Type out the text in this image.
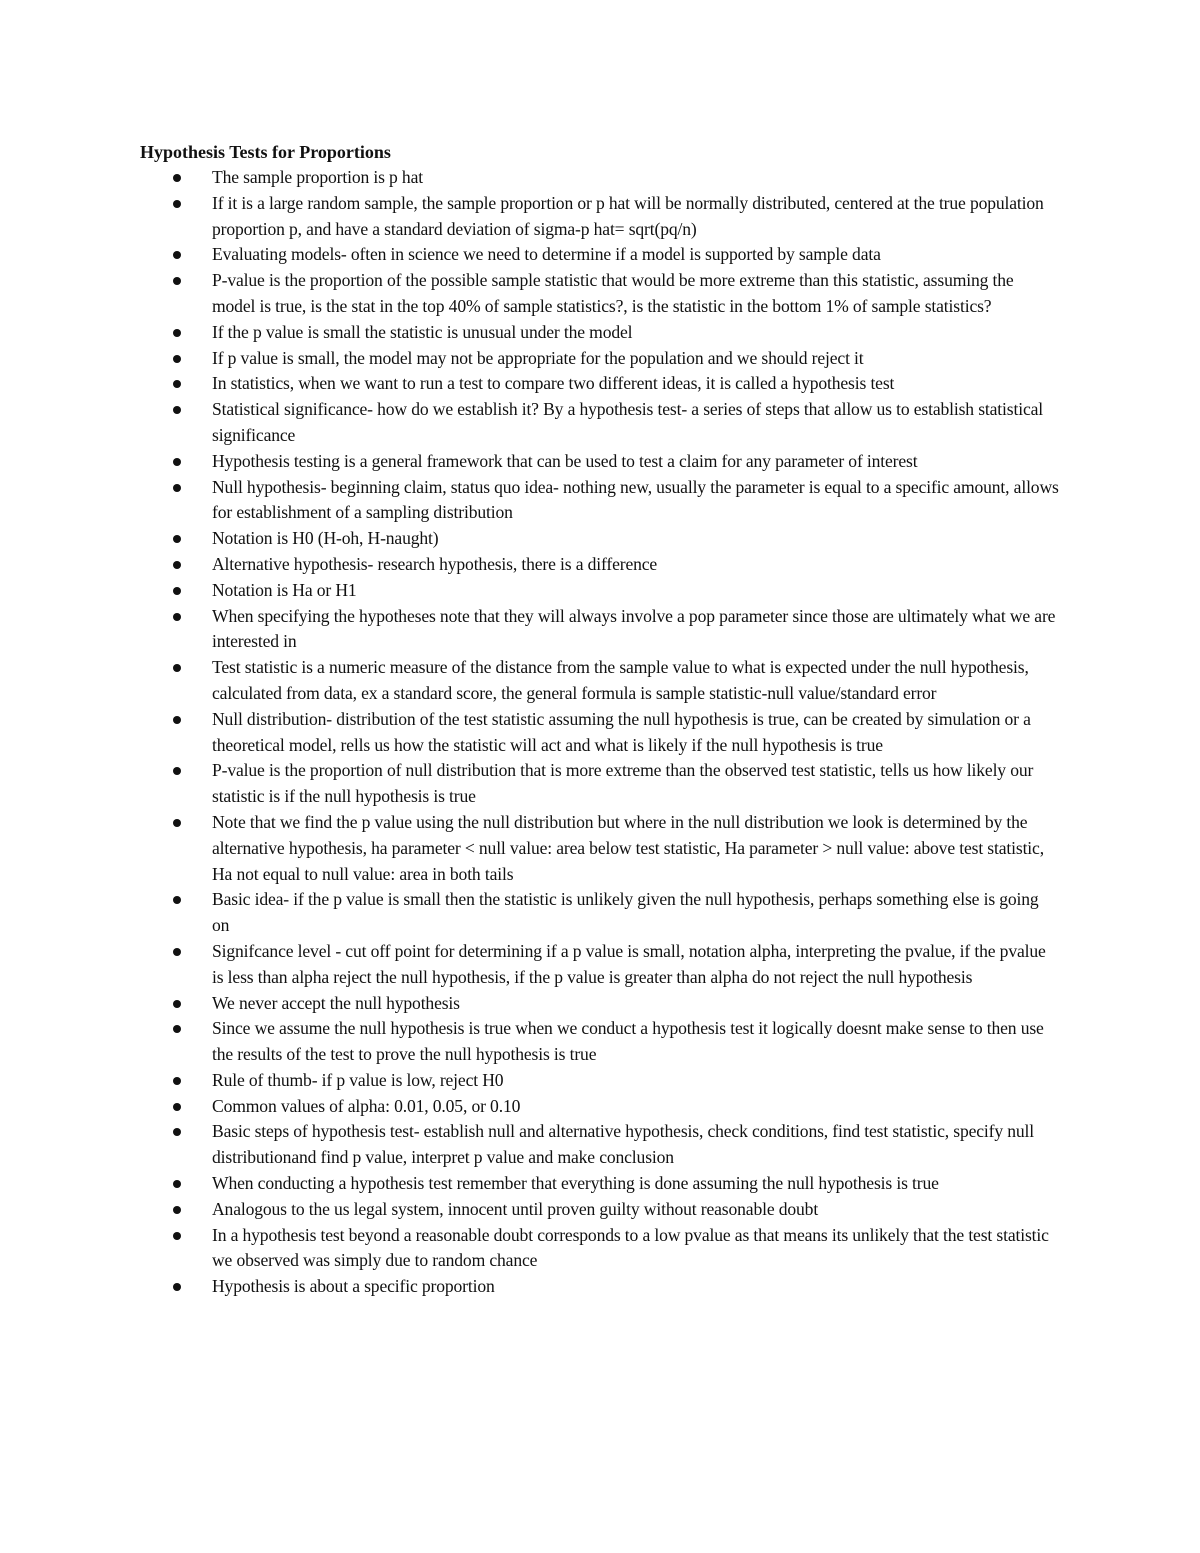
Hypothesis Tests for Proportions
The sample proportion is p hat
If it is a large random sample, the sample proportion or p hat will be normally distributed, centered at the true population proportion p, and have a standard deviation of sigma-p hat= sqrt(pq/n)
Evaluating models- often in science we need to determine if a model is supported by sample data
P-value is the proportion of the possible sample statistic that would be more extreme than this statistic, assuming the model is true, is the stat in the top 40% of sample statistics?, is the statistic in the bottom 1% of sample statistics?
If the p value is small the statistic is unusual under the model
If p value is small, the model may not be appropriate for the population and we should reject it
In statistics, when we want to run a test to compare two different ideas, it is called a hypothesis test
Statistical significance- how do we establish it? By a hypothesis test- a series of steps that allow us to establish statistical significance
Hypothesis testing is a general framework that can be used to test a claim for any parameter of interest
Null hypothesis- beginning claim, status quo idea- nothing new, usually the parameter is equal to a specific amount, allows for establishment of a sampling distribution
Notation is H0 (H-oh, H-naught)
Alternative hypothesis- research hypothesis, there is a difference
Notation is Ha or H1
When specifying the hypotheses note that they will always involve a pop parameter since those are ultimately what we are interested in
Test statistic is a numeric measure of the distance from the sample value to what is expected under the null hypothesis, calculated from data, ex a standard score, the general formula is sample statistic-null value/standard error
Null distribution- distribution of the test statistic assuming the null hypothesis is true, can be created by simulation or a theoretical model, rells us how the statistic will act and what is likely if the null hypothesis is true
P-value is the proportion of null distribution that is more extreme than the observed test statistic, tells us how likely our statistic is if the null hypothesis is true
Note that we find the p value using the null distribution but where in the null distribution we look is determined by the alternative hypothesis, ha parameter < null value: area below test statistic, Ha parameter > null value: above test statistic, Ha not equal to null value: area in both tails
Basic idea- if the p value is small then the statistic is unlikely given the null hypothesis, perhaps something else is going on
Signifcance level - cut off point for determining if a p value is small, notation alpha, interpreting the pvalue, if the pvalue is less than alpha reject the null hypothesis, if the p value is greater than alpha do not reject the null hypothesis
We never accept the null hypothesis
Since we assume the null hypothesis is true when we conduct a hypothesis test it logically doesnt make sense to then use the results of the test to prove the null hypothesis is true
Rule of thumb- if p value is low, reject H0
Common values of alpha: 0.01, 0.05, or 0.10
Basic steps of hypothesis test- establish null and alternative hypothesis, check conditions, find test statistic, specify null distributionand find p value, interpret p value and make conclusion
When conducting a hypothesis test remember that everything is done assuming the null hypothesis is true
Analogous to the us legal system, innocent until proven guilty without reasonable doubt
In a hypothesis test beyond a reasonable doubt corresponds to a low pvalue as that means its unlikely that the test statistic we observed was simply due to random chance
Hypothesis is about a specific proportion
